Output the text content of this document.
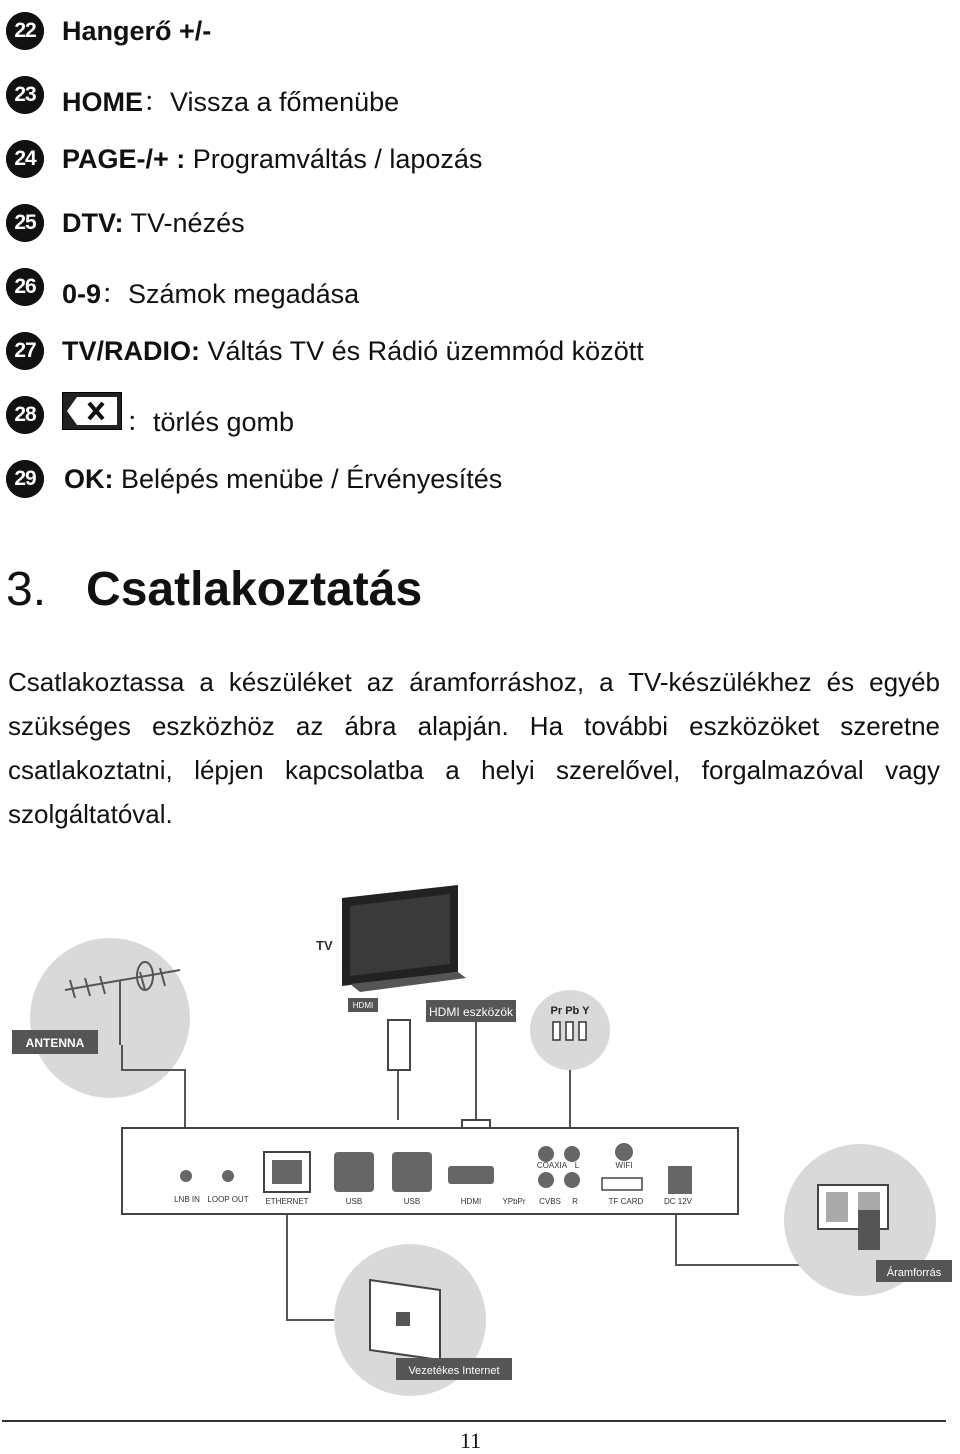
22 Hangerő +/-
23 HOME：Vissza a főmenübe
24 PAGE-/+ : Programváltás / lapozás
25 DTV: TV-nézés
26 0-9：Számok megadása
27 TV/RADIO: Váltás TV és Rádió üzemmód között
28	：törlés gomb
29	OK: Belépés menübe / Érvényesítés
3. Csatlakoztatás
Csatlakoztassa a készüléket az áramforráshoz, a TV-készülékhez és egyéb szükséges eszközhöz az ábra alapján. Ha további eszközöket szeretne csatlakoztatni, lépjen kapcsolatba a helyi szerelővel, forgalmazóval vagy szolgáltatóval.
ANTENNA
TV
HDMI	HDMI eszközök	Pr Pb Y
LNB IN LOOP OUT ETHERNET	USB	USB	HDMI	YPbPr
COAXIA L
CVBS R
WIFI
TF CARD	DC 12V
Áramforrás
Vezetékes Internet
11
